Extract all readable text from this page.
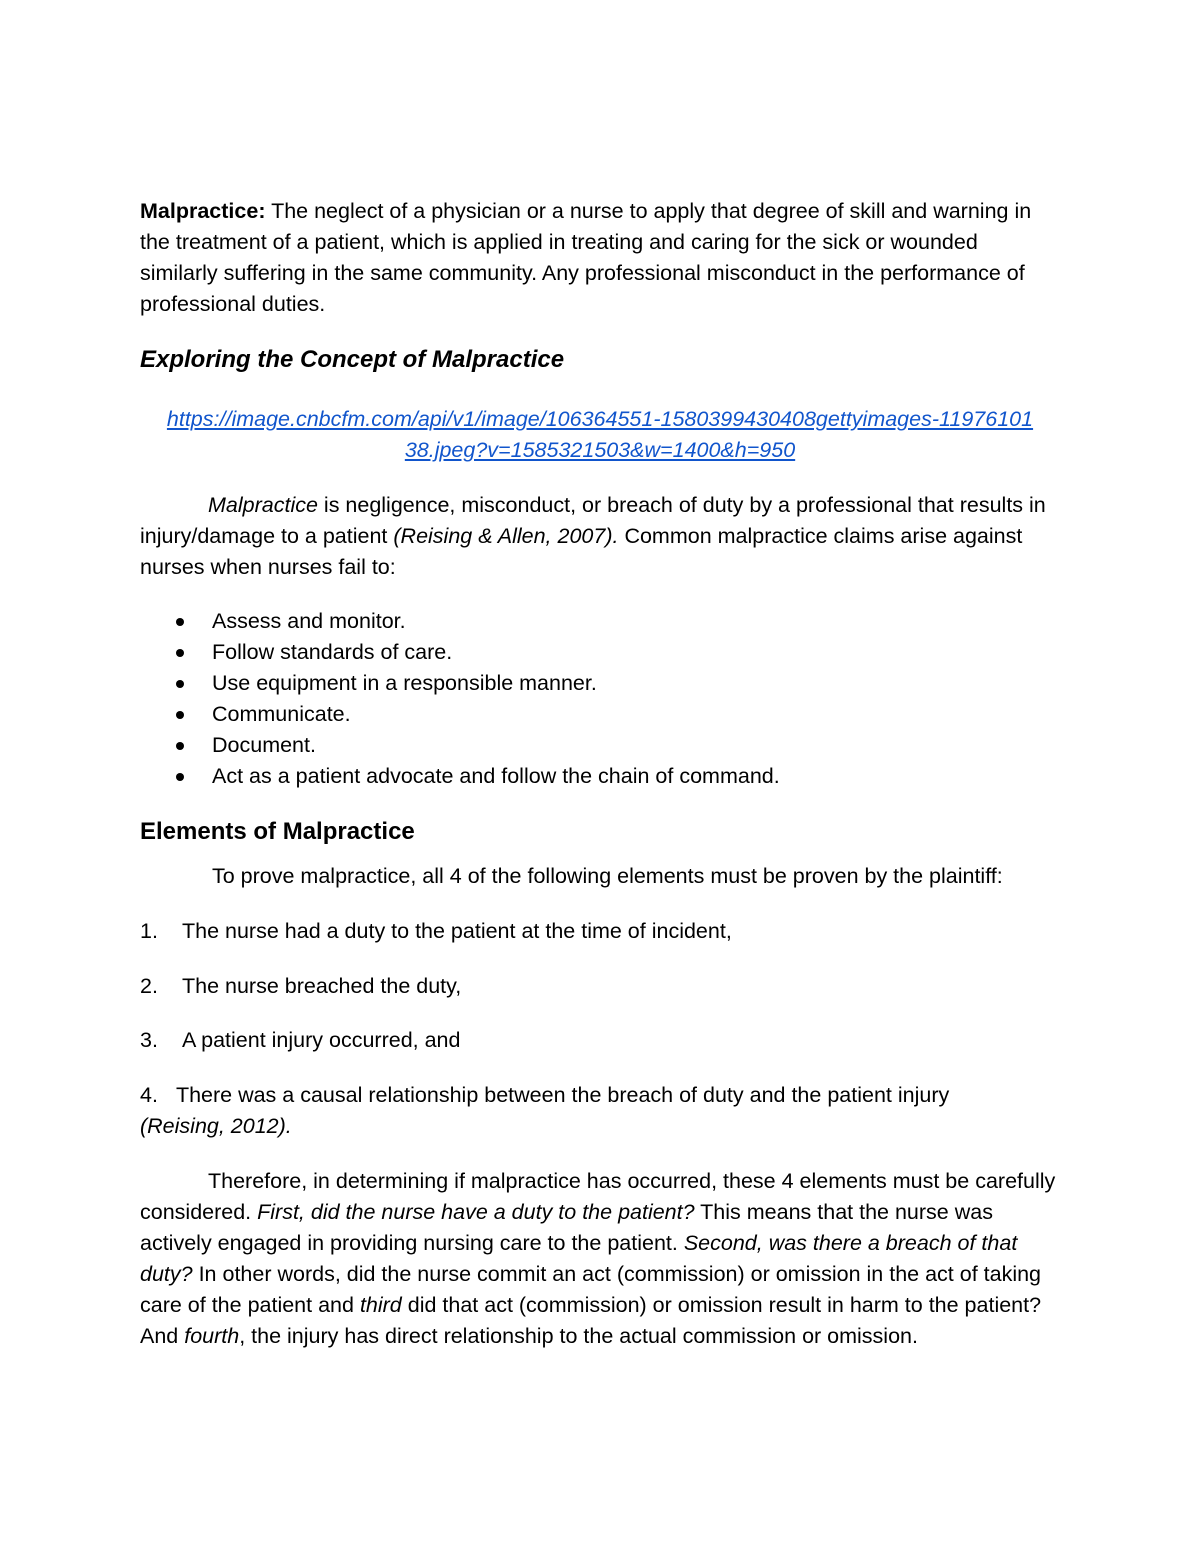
Malpractice: The neglect of a physician or a nurse to apply that degree of skill and warning in the treatment of a patient, which is applied in treating and caring for the sick or wounded similarly suffering in the same community. Any professional misconduct in the performance of professional duties.

Exploring the Concept of Malpractice

https://image.cnbcfm.com/api/v1/image/106364551-1580399430408gettyimages-11976101
38.jpeg?v=1585321503&w=1400&h=950

Malpractice is negligence, misconduct, or breach of duty by a professional that results in injury/damage to a patient (Reising & Allen, 2007). Common malpractice claims arise against nurses when nurses fail to:

Assess and monitor.
Follow standards of care.
Use equipment in a responsible manner.
Communicate.
Document.
Act as a patient advocate and follow the chain of command.
Elements of Malpractice

To prove malpractice, all 4 of the following elements must be proven by the plaintiff:

1. The nurse had a duty to the patient at the time of incident,

2. The nurse breached the duty,

3. A patient injury occurred, and

4. There was a causal relationship between the breach of duty and the patient injury
(Reising, 2012).

Therefore, in determining if malpractice has occurred, these 4 elements must be carefully considered. First, did the nurse have a duty to the patient? This means that the nurse was actively engaged in providing nursing care to the patient. Second, was there a breach of that duty? In other words, did the nurse commit an act (commission) or omission in the act of taking care of the patient and third did that act (commission) or omission result in harm to the patient? And fourth, the injury has direct relationship to the actual commission or omission.
